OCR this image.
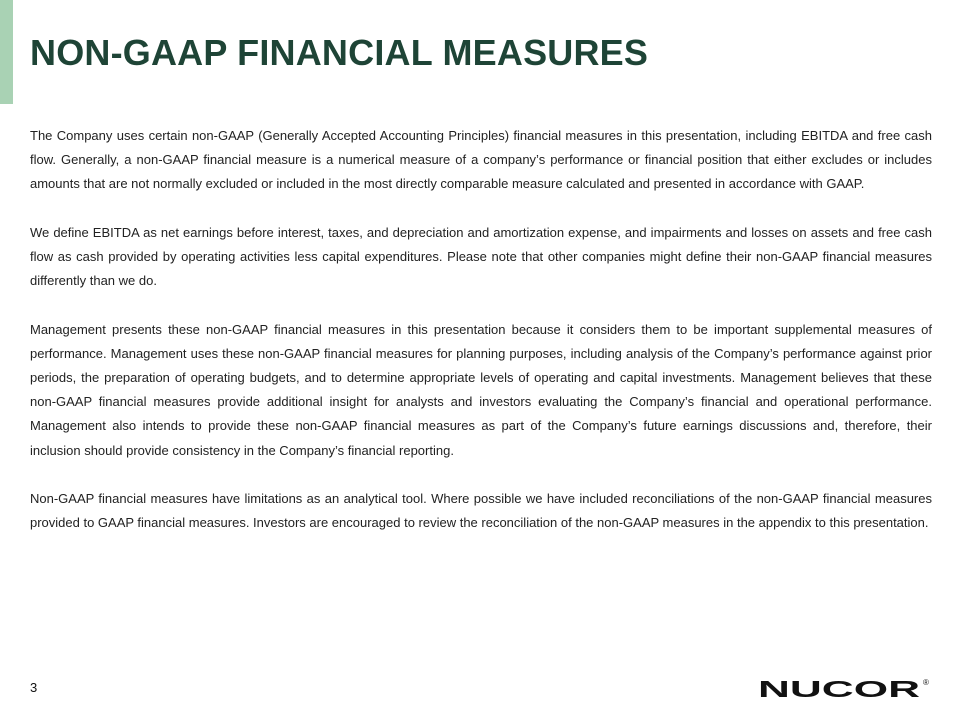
NON-GAAP FINANCIAL MEASURES

The Company uses certain non-GAAP (Generally Accepted Accounting Principles) financial measures in this presentation, including EBITDA and free cash flow. Generally, a non-GAAP financial measure is a numerical measure of a company’s performance or financial position that either excludes or includes amounts that are not normally excluded or included in the most directly comparable measure calculated and presented in accordance with GAAP.

We define EBITDA as net earnings before interest, taxes, and depreciation and amortization expense, and impairments and losses on assets and free cash flow as cash provided by operating activities less capital expenditures. Please note that other companies might define their non-GAAP financial measures differently than we do.

Management presents these non-GAAP financial measures in this presentation because it considers them to be important supplemental measures of performance. Management uses these non-GAAP financial measures for planning purposes, including analysis of the Company’s performance against prior periods, the preparation of operating budgets, and to determine appropriate levels of operating and capital investments. Management believes that these non-GAAP financial measures provide additional insight for analysts and investors evaluating the Company’s financial and operational performance. Management also intends to provide these non-GAAP financial measures as part of the Company’s future earnings discussions and, therefore, their inclusion should provide consistency in the Company’s financial reporting.

Non-GAAP financial measures have limitations as an analytical tool. Where possible we have included reconciliations of the non-GAAP financial measures provided to GAAP financial measures. Investors are encouraged to review the reconciliation of the non-GAAP measures in the appendix to this presentation.

3	NUCOR ®
